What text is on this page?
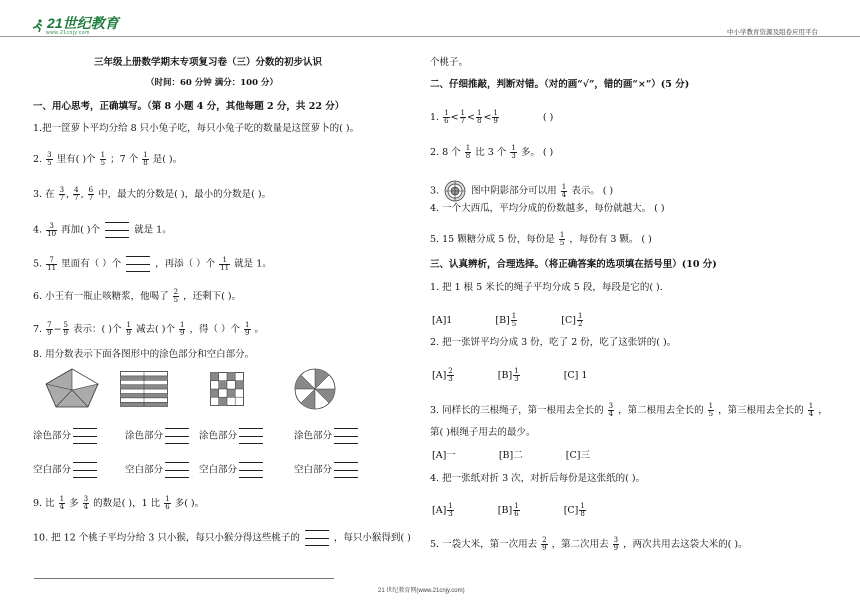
21世纪教育
www.21cnjy.com	中小学教育资源及组卷应用平台
三年级上册数学期末专项复习卷（三）分数的初步认识
（时间：60 分钟 满分：100 分）
一、用心思考，正确填写。（第 8 小题 4 分，其他每题 2 分，共 22 分）
1.把一筐萝卜平均分给 8 只小兔子吃，每只小兔子吃的数量是这筐萝卜的( )。
2. $\frac{3}{5}$ 里有( )个 $\frac{1}{5}$ ；7 个 $\frac{1}{8}$ 是( )。
3. 在 $\frac{3}{7}$ , $\frac{4}{7}$ , $\frac{6}{7}$ 中，最大的分数是( )，最小的分数是( )。
4. $\frac{3}{10}$ 再加( )个	就是 1。
5. $\frac{7}{11}$ 里面有（ ）个	，再添（ ）个 $\frac{1}{11}$ 就是 1。
6. 小王有一瓶止咳糖浆，他喝了 $\frac{2}{5}$ ，还剩下( )。
7. $\frac{7}{9} - \frac{5}{9}$ 表示：( )个 $\frac{1}{9}$ 减去( )个 $\frac{1}{9}$ ，得（ ）个 $\frac{1}{9}$ 。
8. 用分数表示下面各图形中的涂色部分和空白部分。
涂色部分	涂色部分	涂色部分	涂色部分
空白部分	空白部分	空白部分	空白部分
9. 比 $\frac{1}{4}$ 多 $\frac{3}{4}$ 的数是( )，1 比 $\frac{1}{6}$ 多( )。
10. 把 12 个桃子平均分给 3 只小猴，每只小猴分得这些桃子的	，每只小猴得到( )
个桃子。
二、仔细推敲，判断对错。（对的画“√”，错的画“×”）(5 分)
1. $\frac{1}{6} < \frac{1}{7} < \frac{1}{8} < \frac{1}{9}$	( )
2. 8 个 $\frac{1}{8}$ 比 3 个 $\frac{1}{3}$ 多。 ( )
3.	图中阴影部分可以用 $\frac{1}{4}$ 表示。 ( )
4. 一个大西瓜，平均分成的份数越多，每份就越大。 ( )
5. 15 颗糖分成 5 份，每份是 $\frac{1}{5}$ ，每份有 3 颗。 ( )
三、认真辨析，合理选择。（将正确答案的选项填在括号里）(10 分)
1. 把 1 根 5 米长的绳子平均分成 5 段，每段是它的( ).
[A]1	$[B] \frac{1}{5}$	$[C] \frac{1}{2}$
2. 把一张饼平均分成 3 份，吃了 2 份，吃了这张饼的( )。
$[A] \frac{2}{3}$	$[B] \frac{1}{3}$	[C] 1
3. 同样长的三根绳子，第一根用去全长的 $\frac{3}{4}$ ，第二根用去全长的 $\frac{1}{5}$ ，第三根用去全长的 $\frac{1}{4}$ ，
第( )根绳子用去的最少。
[A]一	[B]二	[C]三
4. 把一张纸对折 3 次，对折后每份是这张纸的( )。
$[A] \frac{1}{3}$	$[B] \frac{1}{6}$	$[C] \frac{1}{8}$
5. 一袋大米，第一次用去 $\frac{2}{9}$ ，第二次用去 $\frac{3}{9}$ ，两次共用去这袋大米的( )。
21 世纪教育网(www.21cnjy.com)
